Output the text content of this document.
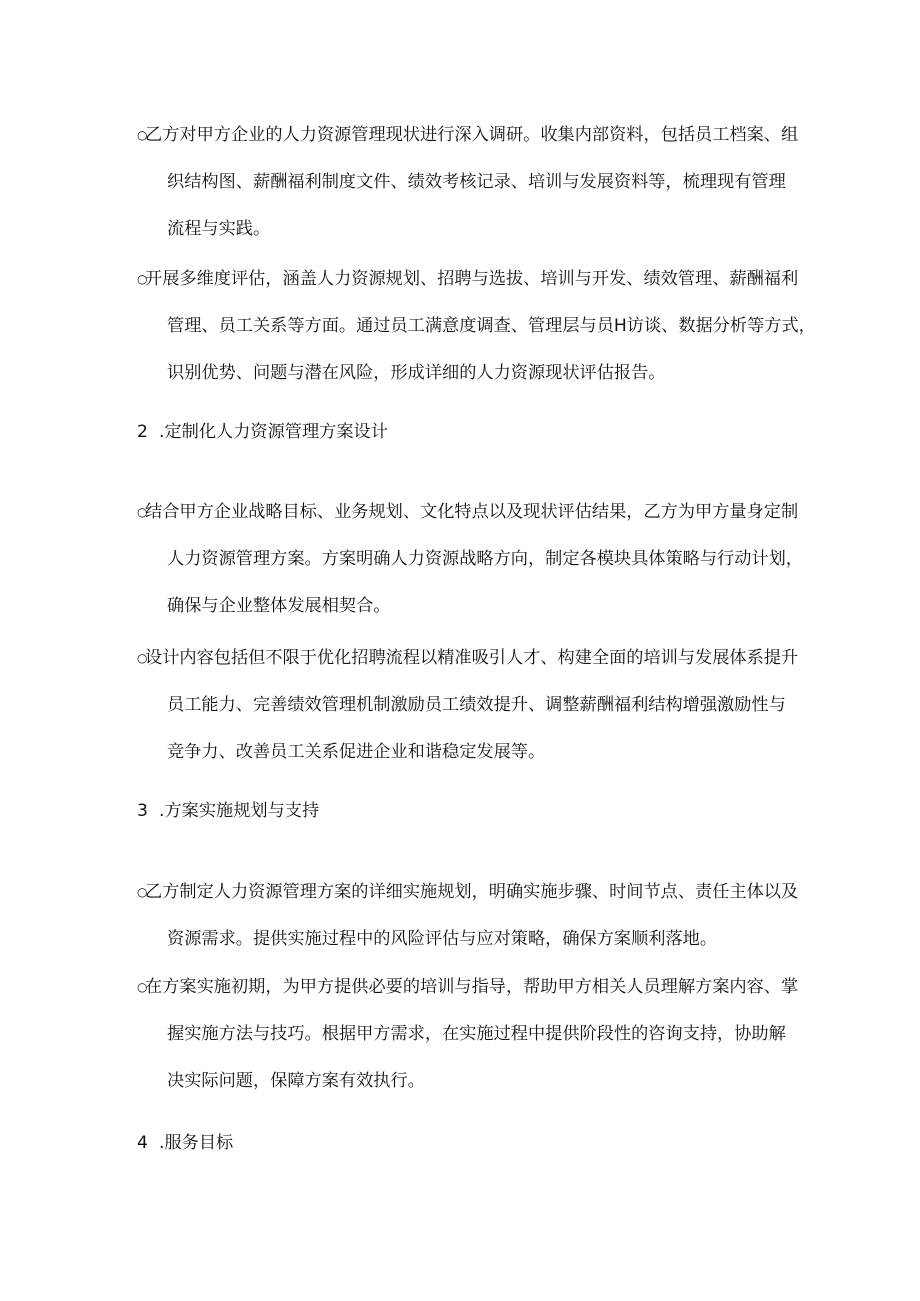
○乙方对甲方企业的人力资源管理现状进行深入调研。收集内部资料，包括员工档案、组
织结构图、薪酬福利制度文件、绩效考核记录、培训与发展资料等，梳理现有管理
流程与实践。
○开展多维度评估，涵盖人力资源规划、招聘与选拔、培训与开发、绩效管理、薪酬福利
管理、员工关系等方面。通过员工满意度调查、管理层与员H访谈、数据分析等方式，
识别优势、问题与潜在风险，形成详细的人力资源现状评估报告。
2 .定制化人力资源管理方案设计
○结合甲方企业战略目标、业务规划、文化特点以及现状评估结果，乙方为甲方量身定制
人力资源管理方案。方案明确人力资源战略方向，制定各模块具体策略与行动计划，
确保与企业整体发展相契合。
○设计内容包括但不限于优化招聘流程以精准吸引人才、构建全面的培训与发展体系提升
员工能力、完善绩效管理机制激励员工绩效提升、调整薪酬福利结构增强激励性与
竞争力、改善员工关系促进企业和谐稳定发展等。
3 .方案实施规划与支持
○乙方制定人力资源管理方案的详细实施规划，明确实施步骤、时间节点、责任主体以及
资源需求。提供实施过程中的风险评估与应对策略，确保方案顺利落地。
○在方案实施初期，为甲方提供必要的培训与指导，帮助甲方相关人员理解方案内容、掌
握实施方法与技巧。根据甲方需求，在实施过程中提供阶段性的咨询支持，协助解
决实际问题，保障方案有效执行。
4 .服务目标
